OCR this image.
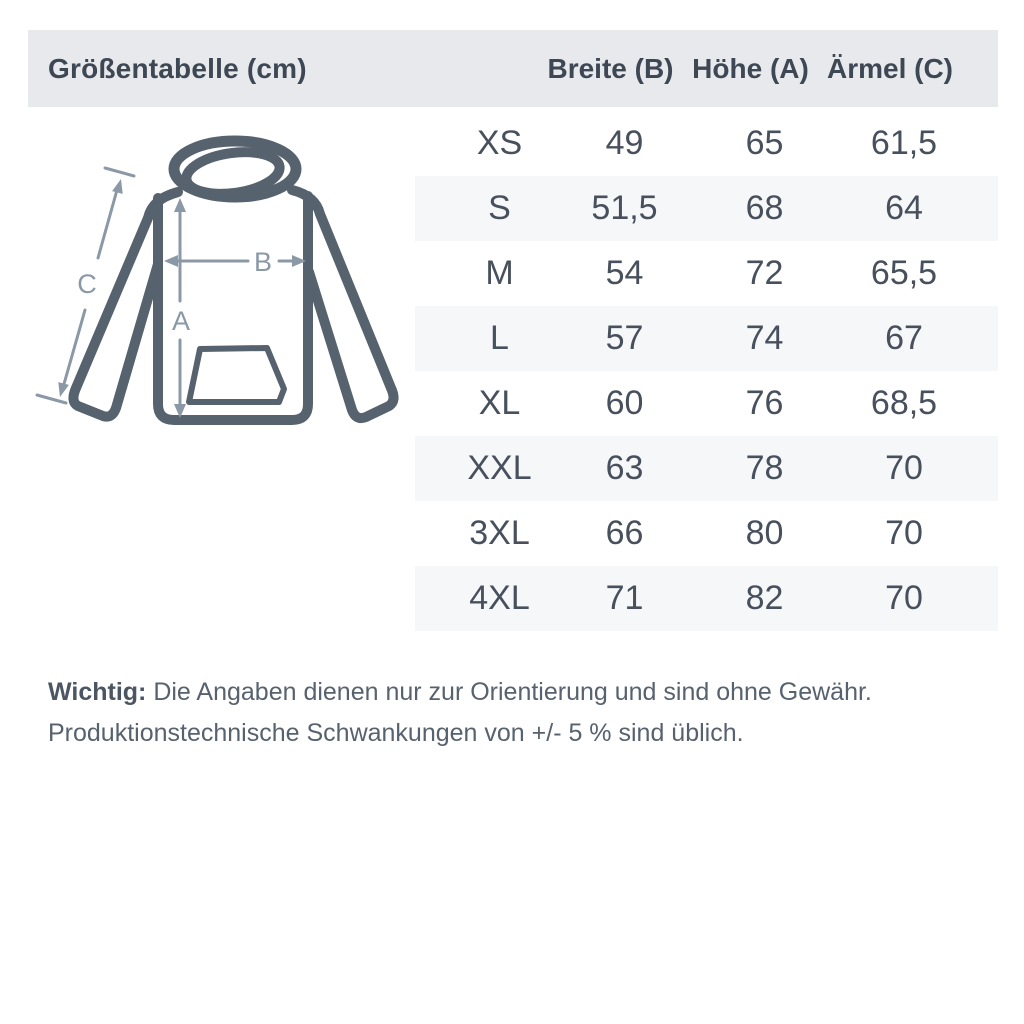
Größentabelle (cm)	Breite (B) Höhe (A) Ärmel (C)
A
B
C
XS	49	65	61,5
S	51,5	68	64
M	54	72	65,5
L	57	74	67
XL	60	76	68,5
XXL	63	78	70
3XL	66	80	70
4XL	71	82	70
Wichtig: Die Angaben dienen nur zur Orientierung und sind ohne Gewähr.
Produktionstechnische Schwankungen von +/- 5 % sind üblich.
